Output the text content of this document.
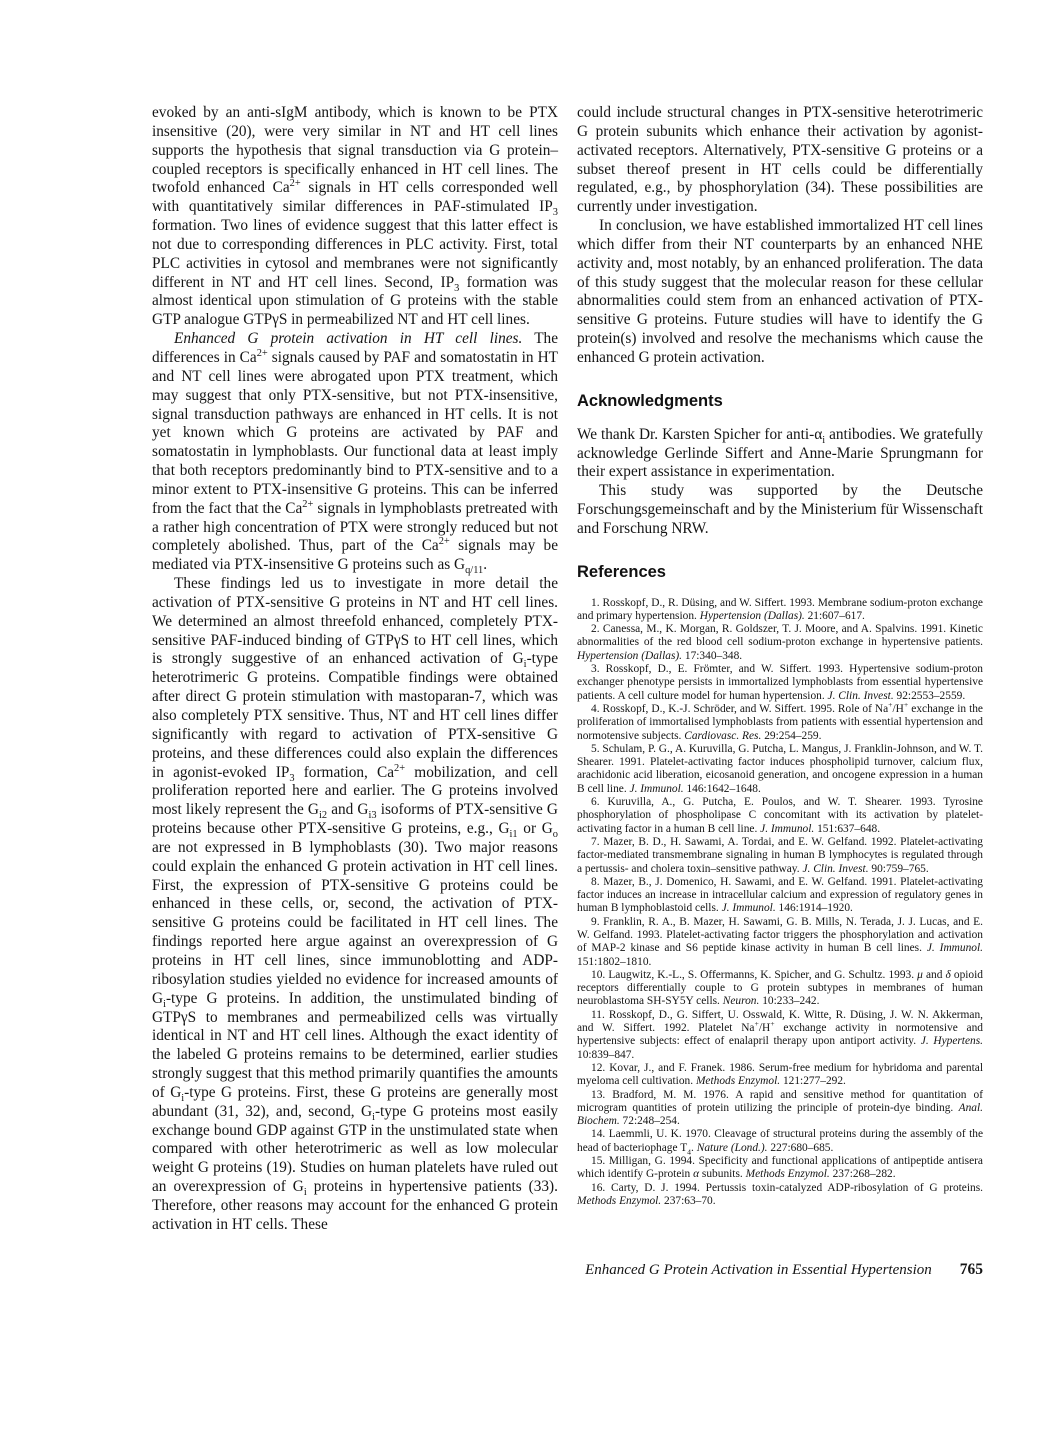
evoked by an anti-sIgM antibody, which is known to be PTX insensitive (20), were very similar in NT and HT cell lines supports the hypothesis that signal transduction via G protein–coupled receptors is specifically enhanced in HT cell lines. The twofold enhanced $Ca^{2+}$ signals in HT cells corresponded well with quantitatively similar differences in PAF-stimulated $IP_3$ formation. Two lines of evidence suggest that this latter effect is not due to corresponding differences in PLC activity. First, total PLC activities in cytosol and membranes were not significantly different in NT and HT cell lines. Second, $IP_3$ formation was almost identical upon stimulation of G proteins with the stable GTP analogue GTPγS in permeabilized NT and HT cell lines.

Enhanced G protein activation in HT cell lines. The differences in $Ca^{2+}$ signals caused by PAF and somatostatin in HT and NT cell lines were abrogated upon PTX treatment, which may suggest that only PTX-sensitive, but not PTX-insensitive, signal transduction pathways are enhanced in HT cells. It is not yet known which G proteins are activated by PAF and somatostatin in lymphoblasts. Our functional data at least imply that both receptors predominantly bind to PTX-sensitive and to a minor extent to PTX-insensitive G proteins. This can be inferred from the fact that the $Ca^{2+}$ signals in lymphoblasts pretreated with a rather high concentration of PTX were strongly reduced but not completely abolished. Thus, part of the $Ca^{2+}$ signals may be mediated via PTX-insensitive G proteins such as $G_{q/11}$.

These findings led us to investigate in more detail the activation of PTX-sensitive G proteins in NT and HT cell lines. We determined an almost threefold enhanced, completely PTX-sensitive PAF-induced binding of GTPγS to HT cell lines, which is strongly suggestive of an enhanced activation of $G_i$-type heterotrimeric G proteins. Compatible findings were obtained after direct G protein stimulation with mastoparan-7, which was also completely PTX sensitive. Thus, NT and HT cell lines differ significantly with regard to activation of PTX-sensitive G proteins, and these differences could also explain the differences in agonist-evoked $IP_3$ formation, $Ca^{2+}$ mobilization, and cell proliferation reported here and earlier. The G proteins involved most likely represent the $G_{i2}$ and $G_{i3}$ isoforms of PTX-sensitive G proteins because other PTX-sensitive G proteins, e.g., $G_{i1}$ or $G_o$ are not expressed in B lymphoblasts (30). Two major reasons could explain the enhanced G protein activation in HT cell lines. First, the expression of PTX-sensitive G proteins could be enhanced in these cells, or, second, the activation of PTX-sensitive G proteins could be facilitated in HT cell lines. The findings reported here argue against an overexpression of G proteins in HT cell lines, since immunoblotting and ADP-ribosylation studies yielded no evidence for increased amounts of $G_i$-type G proteins. In addition, the unstimulated binding of GTPγS to membranes and permeabilized cells was virtually identical in NT and HT cell lines. Although the exact identity of the labeled G proteins remains to be determined, earlier studies strongly suggest that this method primarily quantifies the amounts of $G_i$-type G proteins. First, these G proteins are generally most abundant (31, 32), and, second, $G_i$-type G proteins most easily exchange bound GDP against GTP in the unstimulated state when compared with other heterotrimeric as well as low molecular weight G proteins (19). Studies on human platelets have ruled out an overexpression of $G_i$ proteins in hypertensive patients (33). Therefore, other reasons may account for the enhanced G protein activation in HT cells. These

could include structural changes in PTX-sensitive heterotrimeric G protein subunits which enhance their activation by agonist-activated receptors. Alternatively, PTX-sensitive G proteins or a subset thereof present in HT cells could be differentially regulated, e.g., by phosphorylation (34). These possibilities are currently under investigation.

In conclusion, we have established immortalized HT cell lines which differ from their NT counterparts by an enhanced NHE activity and, most notably, by an enhanced proliferation. The data of this study suggest that the molecular reason for these cellular abnormalities could stem from an enhanced activation of PTX-sensitive G proteins. Future studies will have to identify the G protein(s) involved and resolve the mechanisms which cause the enhanced G protein activation.

Acknowledgments

We thank Dr. Karsten Spicher for anti-$\alpha_i$ antibodies. We gratefully acknowledge Gerlinde Siffert and Anne-Marie Sprungmann for their expert assistance in experimentation.

This study was supported by the Deutsche Forschungsgemeinschaft and by the Ministerium für Wissenschaft and Forschung NRW.

References

1. Rosskopf, D., R. Düsing, and W. Siffert. 1993. Membrane sodium-proton exchange and primary hypertension. Hypertension (Dallas). 21:607–617.

2. Canessa, M., K. Morgan, R. Goldszer, T. J. Moore, and A. Spalvins. 1991. Kinetic abnormalities of the red blood cell sodium-proton exchange in hypertensive patients. Hypertension (Dallas). 17:340–348.

3. Rosskopf, D., E. Frömter, and W. Siffert. 1993. Hypertensive sodium-proton exchanger phenotype persists in immortalized lymphoblasts from essential hypertensive patients. A cell culture model for human hypertension. J. Clin. Invest. 92:2553–2559.

4. Rosskopf, D., K.-J. Schröder, and W. Siffert. 1995. Role of Na+/H+ exchange in the proliferation of immortalised lymphoblasts from patients with essential hypertension and normotensive subjects. Cardiovasc. Res. 29:254–259.

5. Schulam, P. G., A. Kuruvilla, G. Putcha, L. Mangus, J. Franklin-Johnson, and W. T. Shearer. 1991. Platelet-activating factor induces phospholipid turnover, calcium flux, arachidonic acid liberation, eicosanoid generation, and oncogene expression in a human B cell line. J. Immunol. 146:1642–1648.

6. Kuruvilla, A., G. Putcha, E. Poulos, and W. T. Shearer. 1993. Tyrosine phosphorylation of phospholipase C concomitant with its activation by platelet-activating factor in a human B cell line. J. Immunol. 151:637–648.

7. Mazer, B. D., H. Sawami, A. Tordai, and E. W. Gelfand. 1992. Platelet-activating factor-mediated transmembrane signaling in human B lymphocytes is regulated through a pertussis- and cholera toxin–sensitive pathway. J. Clin. Invest. 90:759–765.

8. Mazer, B., J. Domenico, H. Sawami, and E. W. Gelfand. 1991. Platelet-activating factor induces an increase in intracellular calcium and expression of regulatory genes in human B lymphoblastoid cells. J. Immunol. 146:1914–1920.

9. Franklin, R. A., B. Mazer, H. Sawami, G. B. Mills, N. Terada, J. J. Lucas, and E. W. Gelfand. 1993. Platelet-activating factor triggers the phosphorylation and activation of MAP-2 kinase and S6 peptide kinase activity in human B cell lines. J. Immunol. 151:1802–1810.

10. Laugwitz, K.-L., S. Offermanns, K. Spicher, and G. Schultz. 1993. μ and δ opioid receptors differentially couple to G protein subtypes in membranes of human neuroblastoma SH-SY5Y cells. Neuron. 10:233–242.

11. Rosskopf, D., G. Siffert, U. Osswald, K. Witte, R. Düsing, J. W. N. Akkerman, and W. Siffert. 1992. Platelet Na+/H+ exchange activity in normotensive and hypertensive subjects: effect of enalapril therapy upon antiport activity. J. Hypertens. 10:839–847.

12. Kovar, J., and F. Franek. 1986. Serum-free medium for hybridoma and parental myeloma cell cultivation. Methods Enzymol. 121:277–292.

13. Bradford, M. M. 1976. A rapid and sensitive method for quantitation of microgram quantities of protein utilizing the principle of protein-dye binding. Anal. Biochem. 72:248–254.

14. Laemmli, U. K. 1970. Cleavage of structural proteins during the assembly of the head of bacteriophage $T_4$. Nature (Lond.). 227:680–685.

15. Milligan, G. 1994. Specificity and functional applications of antipeptide antisera which identify G-protein α subunits. Methods Enzymol. 237:268–282.

16. Carty, D. J. 1994. Pertussis toxin-catalyzed ADP-ribosylation of G proteins. Methods Enzymol. 237:63–70.

Enhanced G Protein Activation in Essential Hypertension 765
